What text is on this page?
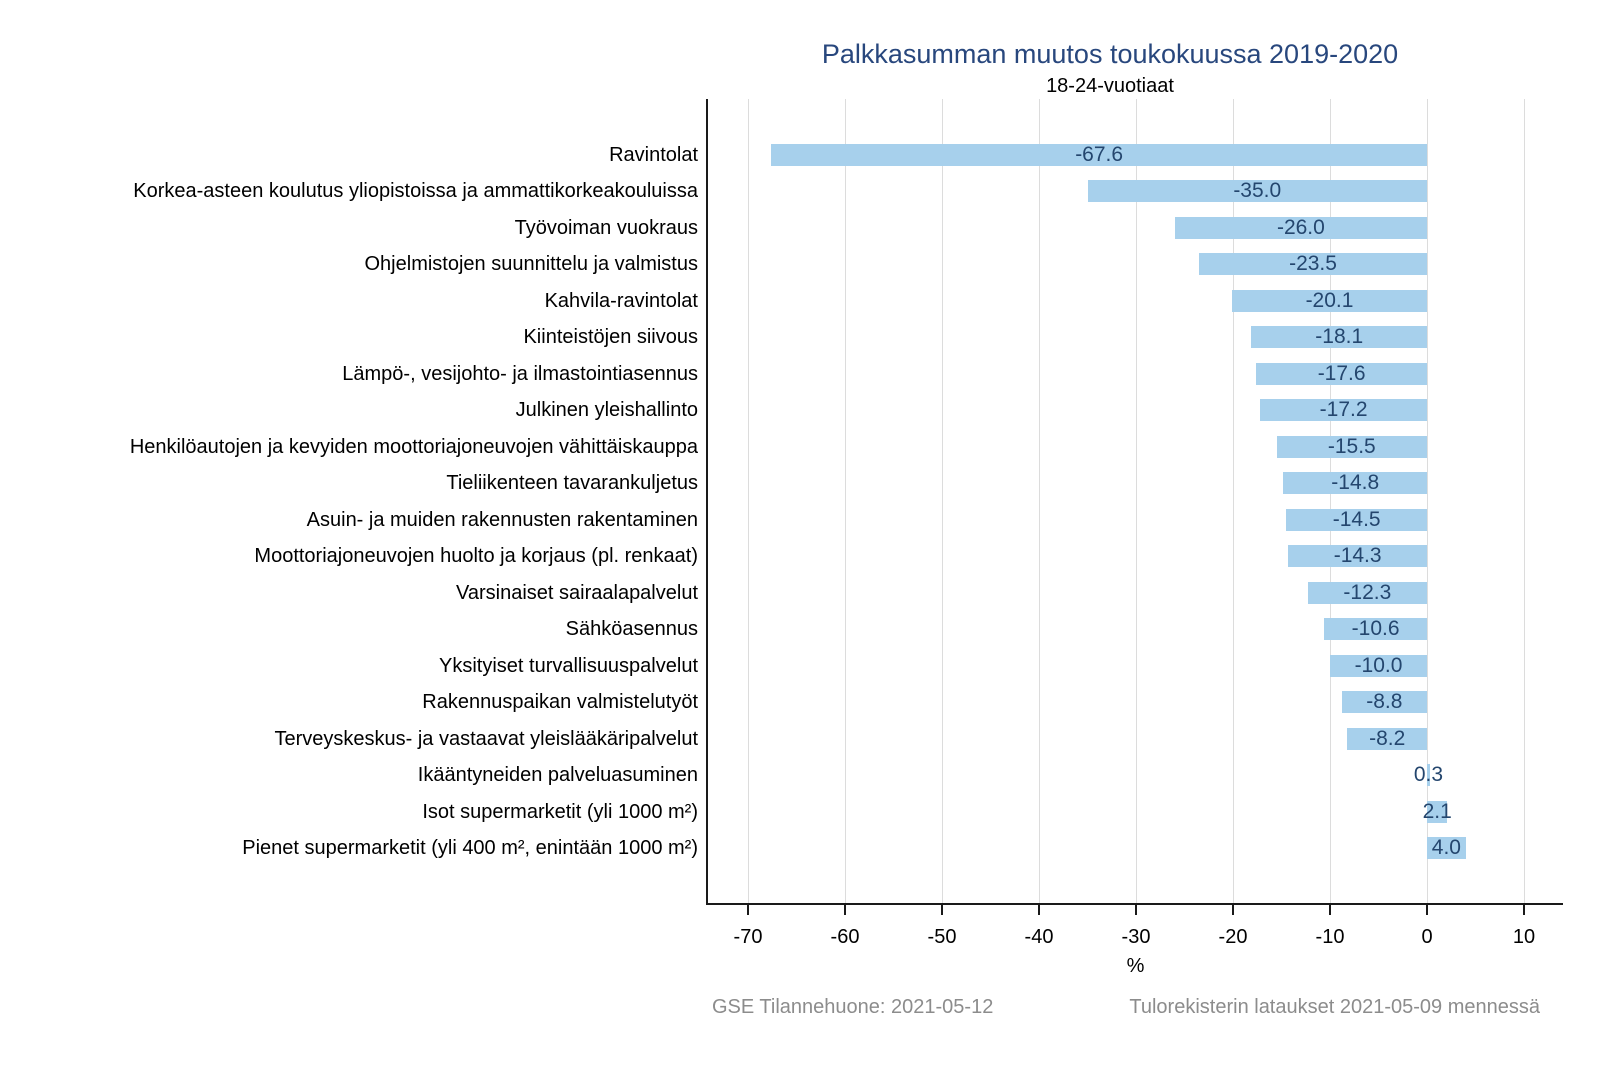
Palkkasumman muutos toukokuussa 2019-2020
18-24-vuotiaat
Ravintolat
Korkea-asteen koulutus yliopistoissa ja ammattikorkeakouluissa
Työvoiman vuokraus
Ohjelmistojen suunnittelu ja valmistus
Kahvila-ravintolat
Kiinteistöjen siivous
Lämpö-, vesijohto- ja ilmastointiasennus
Julkinen yleishallinto
Henkilöautojen ja kevyiden moottoriajoneuvojen vähittäiskauppa
Tieliikenteen tavarankuljetus
Asuin- ja muiden rakennusten rakentaminen
Moottoriajoneuvojen huolto ja korjaus (pl. renkaat)
Varsinaiset sairaalapalvelut
Sähköasennus
Yksityiset turvallisuuspalvelut
Rakennuspaikan valmistelutyöt
Terveyskeskus- ja vastaavat yleislääkäripalvelut
Ikääntyneiden palveluasuminen
Isot supermarketit (yli 1000 m²)
Pienet supermarketit (yli 400 m², enintään 1000 m²)
-67.6
-35.0
-26.0
-23.5
-20.1
-18.1
-17.6
-17.2
-15.5
-14.8
-14.5
-14.3
-12.3
-10.6
-10.0
-8.8
-8.2
0.3
2.1
4.0
-70	-60	-50	-40	-30	-20	-10	0	10
%
GSE Tilannehuone: 2021-05-12	Tulorekisterin lataukset 2021-05-09 mennessä
